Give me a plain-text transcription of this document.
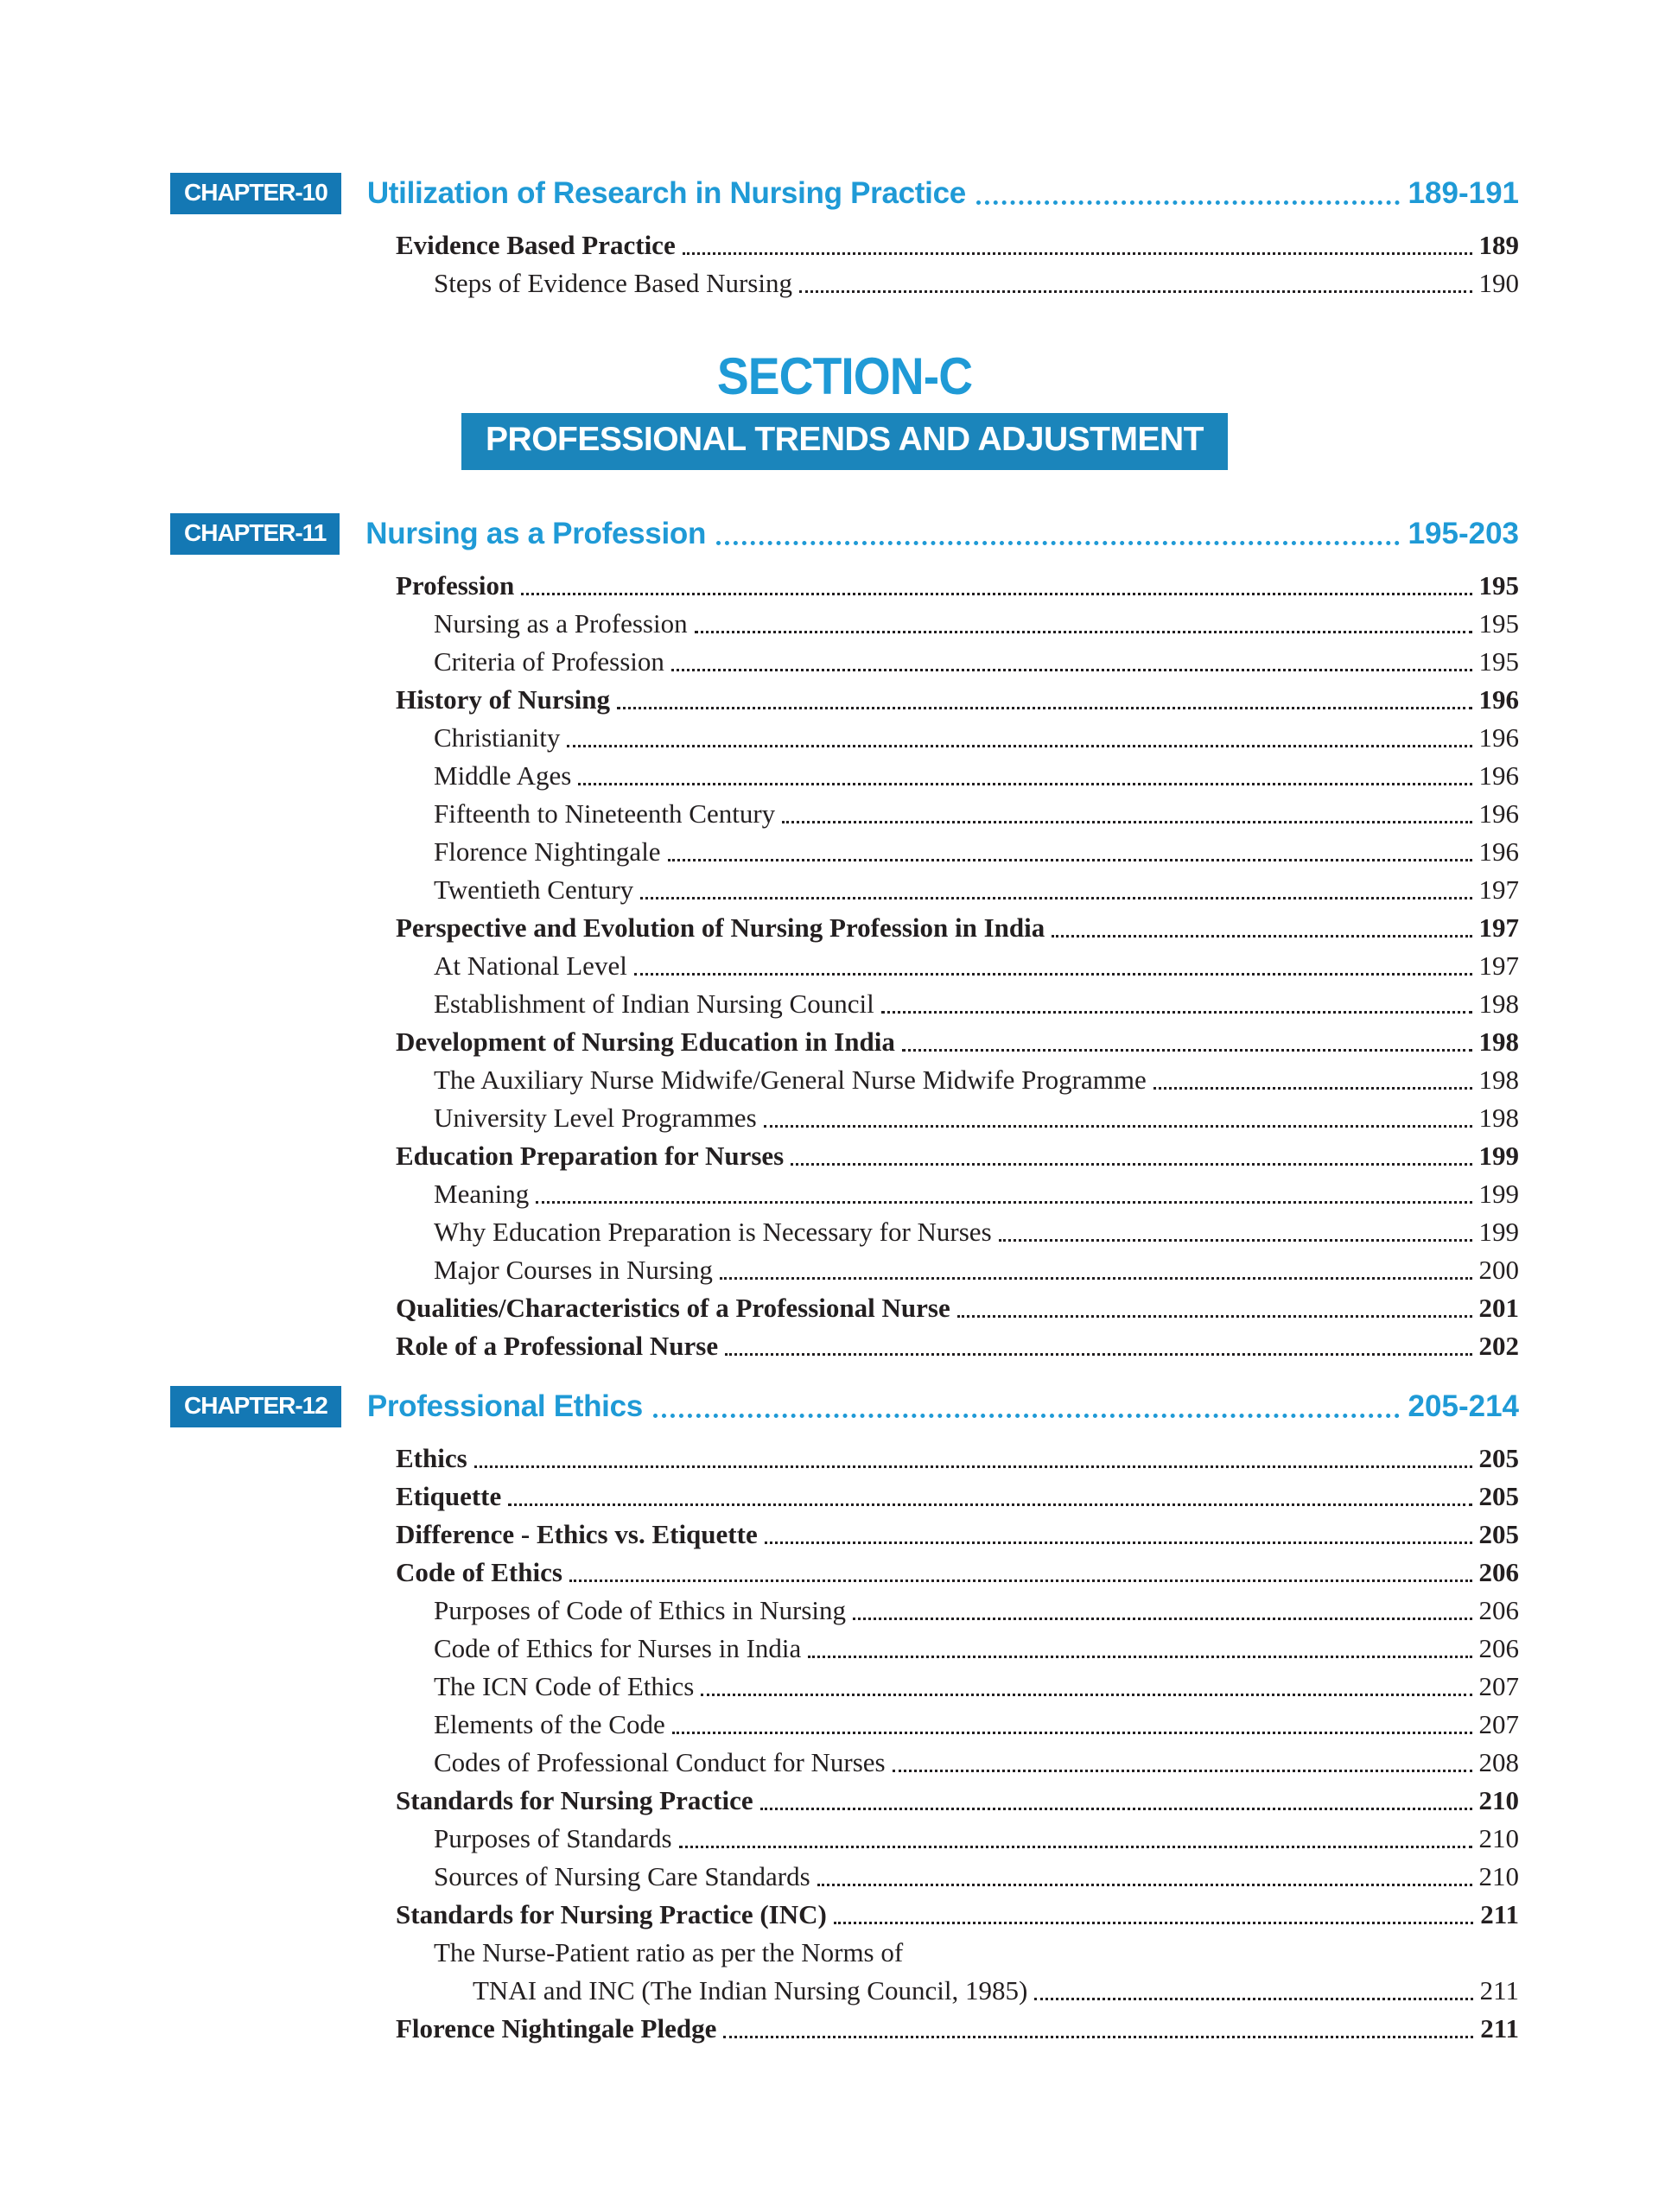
CHAPTER-10	Utilization of Research in Nursing Practice	189-191
Evidence Based Practice	189
Steps of Evidence Based Nursing	190
SECTION-C
PROFESSIONAL TRENDS AND ADJUSTMENT
CHAPTER-11	Nursing as a Profession	195-203
Profession	195
Nursing as a Profession	195
Criteria of Profession	195
History of Nursing	196
Christianity	196
Middle Ages	196
Fifteenth to Nineteenth Century	196
Florence Nightingale	196
Twentieth Century	197
Perspective and Evolution of Nursing Profession in India	197
At National Level	197
Establishment of Indian Nursing Council	198
Development of Nursing Education in India	198
The Auxiliary Nurse Midwife/General Nurse Midwife Programme	198
University Level Programmes	198
Education Preparation for Nurses	199
Meaning	199
Why Education Preparation is Necessary for Nurses	199
Major Courses in Nursing	200
Qualities/Characteristics of a Professional Nurse	201
Role of a Professional Nurse	202
CHAPTER-12	Professional Ethics	205-214
Ethics	205
Etiquette	205
Difference - Ethics vs. Etiquette	205
Code of Ethics	206
Purposes of Code of Ethics in Nursing	206
Code of Ethics for Nurses in India	206
The ICN Code of Ethics	207
Elements of the Code	207
Codes of Professional Conduct for Nurses	208
Standards for Nursing Practice	210
Purposes of Standards	210
Sources of Nursing Care Standards	210
Standards for Nursing Practice (INC)	211
The Nurse-Patient ratio as per the Norms of
TNAI and INC (The Indian Nursing Council, 1985)	211
Florence Nightingale Pledge	211
